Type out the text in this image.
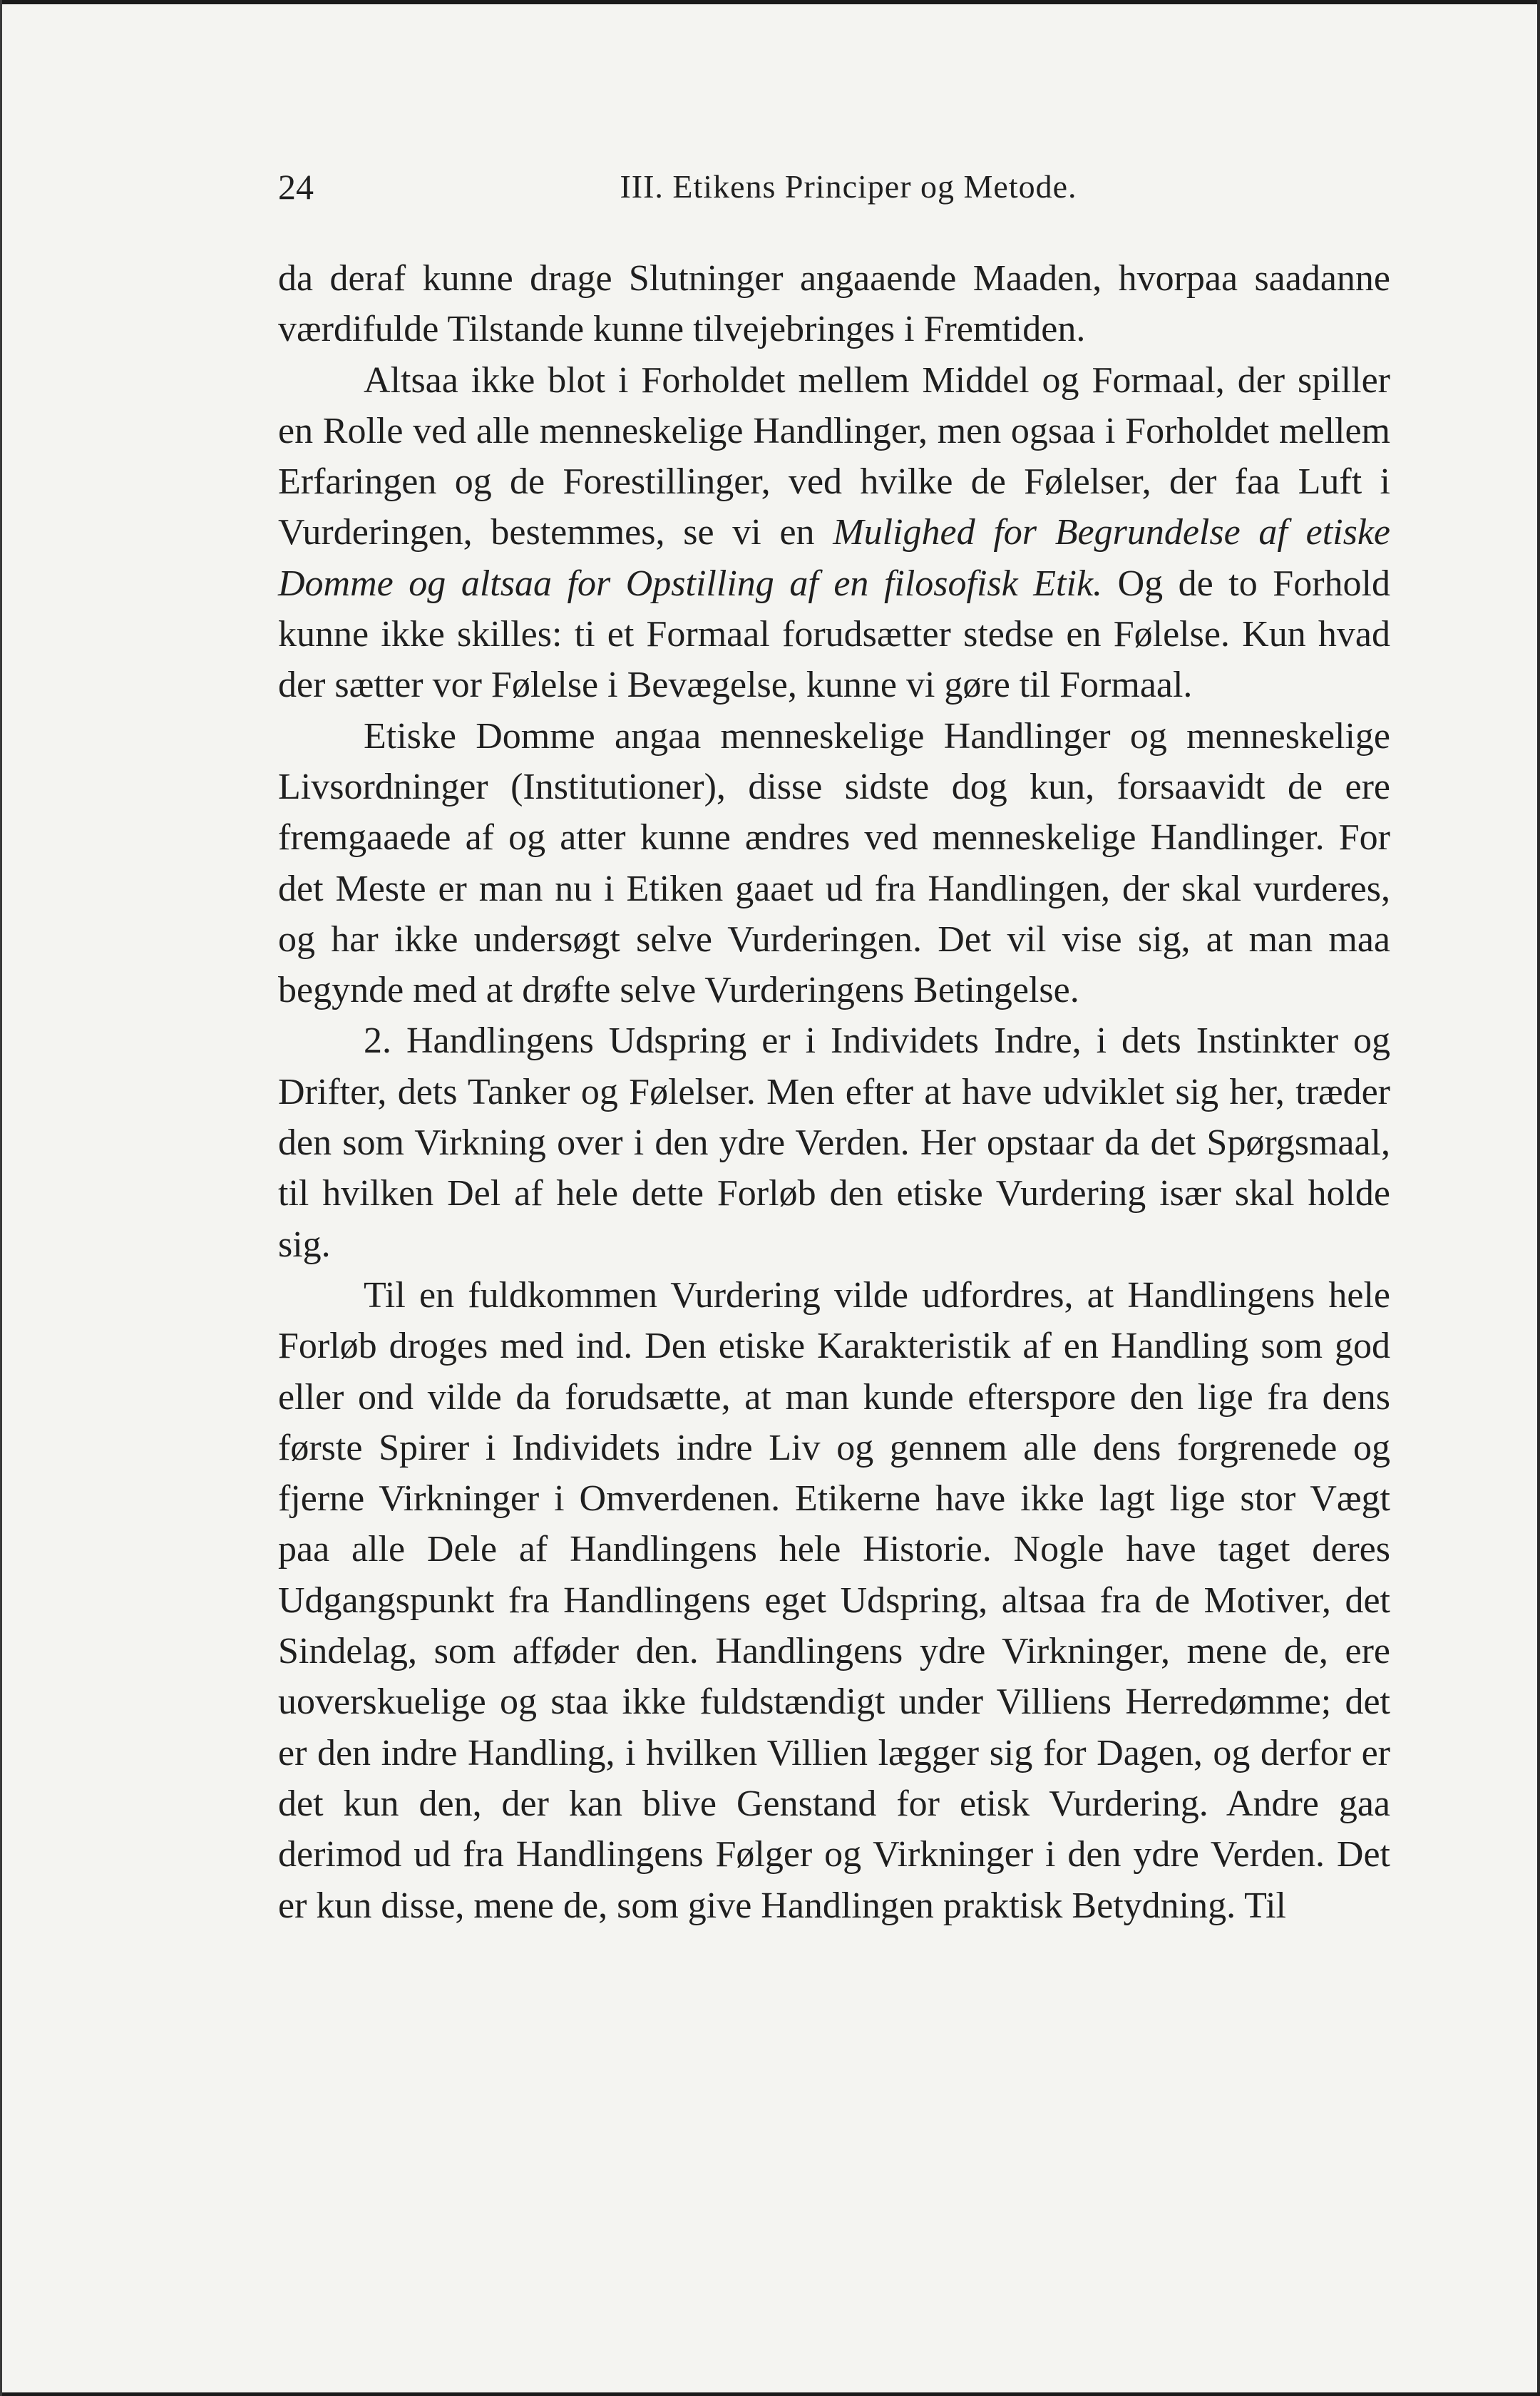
24	III. Etikens Principer og Metode.

da deraf kunne drage Slutninger angaaende Maaden, hvorpaa saadanne værdifulde Tilstande kunne tilvejebringes i Fremtiden.

Altsaa ikke blot i Forholdet mellem Middel og Formaal, der spiller en Rolle ved alle menneskelige Handlinger, men ogsaa i Forholdet mellem Erfaringen og de Forestillinger, ved hvilke de Følelser, der faa Luft i Vurderingen, bestemmes, se vi en Mulighed for Begrundelse af etiske Domme og altsaa for Opstilling af en filosofisk Etik. Og de to Forhold kunne ikke skilles: ti et Formaal forudsætter stedse en Følelse. Kun hvad der sætter vor Følelse i Bevægelse, kunne vi gøre til Formaal.

Etiske Domme angaa menneskelige Handlinger og menneskelige Livsordninger (Institutioner), disse sidste dog kun, forsaavidt de ere fremgaaede af og atter kunne ændres ved menneskelige Handlinger. For det Meste er man nu i Etiken gaaet ud fra Handlingen, der skal vurderes, og har ikke undersøgt selve Vurderingen. Det vil vise sig, at man maa begynde med at drøfte selve Vurderingens Betingelse.

2. Handlingens Udspring er i Individets Indre, i dets Instinkter og Drifter, dets Tanker og Følelser. Men efter at have udviklet sig her, træder den som Virkning over i den ydre Verden. Her opstaar da det Spørgsmaal, til hvilken Del af hele dette Forløb den etiske Vurdering især skal holde sig.

Til en fuldkommen Vurdering vilde udfordres, at Handlingens hele Forløb droges med ind. Den etiske Karakteristik af en Handling som god eller ond vilde da forudsætte, at man kunde efterspore den lige fra dens første Spirer i Individets indre Liv og gennem alle dens forgrenede og fjerne Virkninger i Omverdenen. Etikerne have ikke lagt lige stor Vægt paa alle Dele af Handlingens hele Historie. Nogle have taget deres Udgangspunkt fra Handlingens eget Udspring, altsaa fra de Motiver, det Sindelag, som afføder den. Handlingens ydre Virkninger, mene de, ere uoverskuelige og staa ikke fuldstændigt under Villiens Herredømme; det er den indre Handling, i hvilken Villien lægger sig for Dagen, og derfor er det kun den, der kan blive Genstand for etisk Vurdering. Andre gaa derimod ud fra Handlingens Følger og Virkninger i den ydre Verden. Det er kun disse, mene de, som give Handlingen praktisk Betydning. Til
